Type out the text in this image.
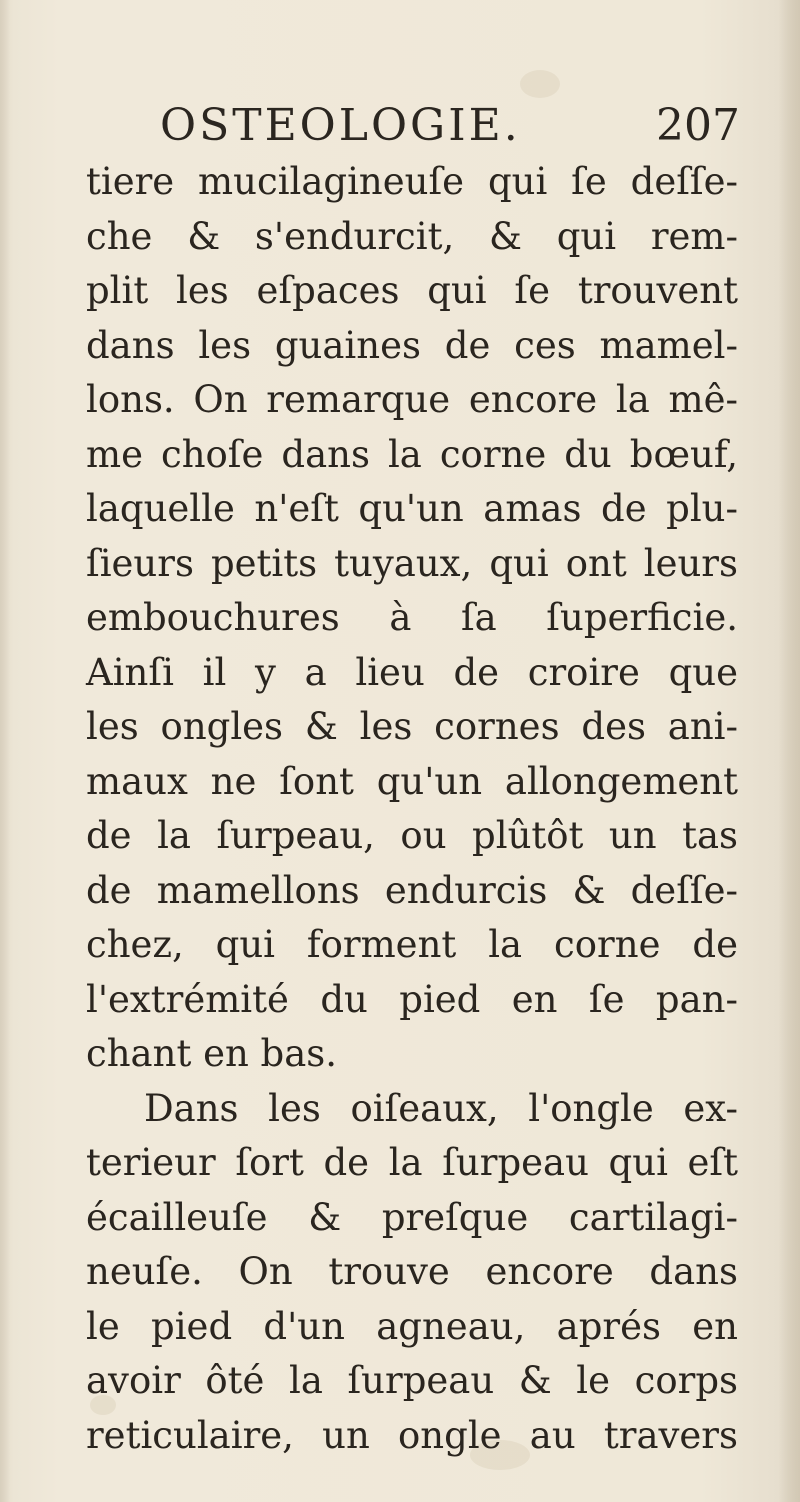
OSTEOLOGIE.	207
tiere mucilagineuſe qui ſe deſſe-
che & s'endurcit, & qui rem-
plit les eſpaces qui ſe trouvent
dans les guaines de ces mamel-
lons. On remarque encore la mê-
me choſe dans la corne du bœuf,
laquelle n'eſt qu'un amas de plu-
ſieurs petits tuyaux, qui ont leurs
embouchures à ſa ſuperficie.
Ainſi il y a lieu de croire que
les ongles & les cornes des ani-
maux ne ſont qu'un allongement
de la ſurpeau, ou plûtôt un tas
de mamellons endurcis & deſſe-
chez, qui forment la corne de
l'extrémité du pied en ſe pan-
chant en bas.
Dans les oiſeaux, l'ongle ex-
terieur ſort de la ſurpeau qui eſt
écailleuſe & preſque cartilagi-
neuſe. On trouve encore dans
le pied d'un agneau, aprés en
avoir ôté la ſurpeau & le corps
reticulaire, un ongle au travers
